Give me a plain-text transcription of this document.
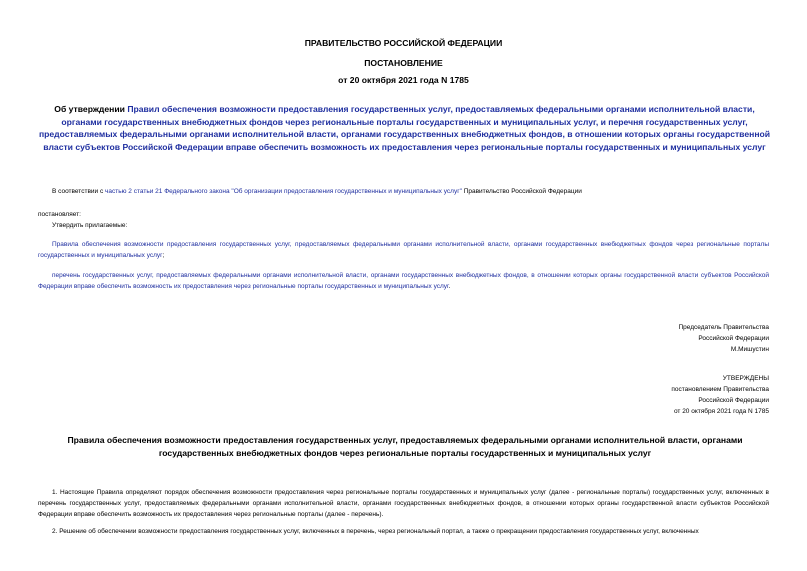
ПРАВИТЕЛЬСТВО РОССИЙСКОЙ ФЕДЕРАЦИИ
ПОСТАНОВЛЕНИЕ
от 20 октября 2021 года N 1785
Об утверждении Правил обеспечения возможности предоставления государственных услуг, предоставляемых федеральными органами исполнительной власти, органами государственных внебюджетных фондов через региональные порталы государственных и муниципальных услуг, и перечня государственных услуг, предоставляемых федеральными органами исполнительной власти, органами государственных внебюджетных фондов, в отношении которых органы государственной власти субъектов Российской Федерации вправе обеспечить возможность их предоставления через региональные порталы государственных и муниципальных услуг
В соответствии с частью 2 статьи 21 Федерального закона "Об организации предоставления государственных и муниципальных услуг" Правительство Российской Федерации
постановляет:
Утвердить прилагаемые:
Правила обеспечения возможности предоставления государственных услуг, предоставляемых федеральными органами исполнительной власти, органами государственных внебюджетных фондов через региональные порталы государственных и муниципальных услуг;
перечень государственных услуг, предоставляемых федеральными органами исполнительной власти, органами государственных внебюджетных фондов, в отношении которых органы государственной власти субъектов Российской Федерации вправе обеспечить возможность их предоставления через региональные порталы государственных и муниципальных услуг.
Председатель Правительства
Российской Федерации
М.Мишустин
УТВЕРЖДЕНЫ
постановлением Правительства
Российской Федерации
от 20 октября 2021 года N 1785
Правила обеспечения возможности предоставления государственных услуг, предоставляемых федеральными органами исполнительной власти, органами государственных внебюджетных фондов через региональные порталы государственных и муниципальных услуг
1. Настоящие Правила определяют порядок обеспечения возможности предоставления через региональные порталы государственных и муниципальных услуг (далее - региональные порталы) государственных услуг, включенных в перечень государственных услуг, предоставляемых федеральными органами исполнительной власти, органами государственных внебюджетных фондов, в отношении которых органы государственной власти субъектов Российской Федерации вправе обеспечить возможность их предоставления через региональные порталы (далее - перечень).
2. Решение об обеспечении возможности предоставления государственных услуг, включенных в перечень, через региональный портал, а также о прекращении предоставления государственных услуг, включенных
